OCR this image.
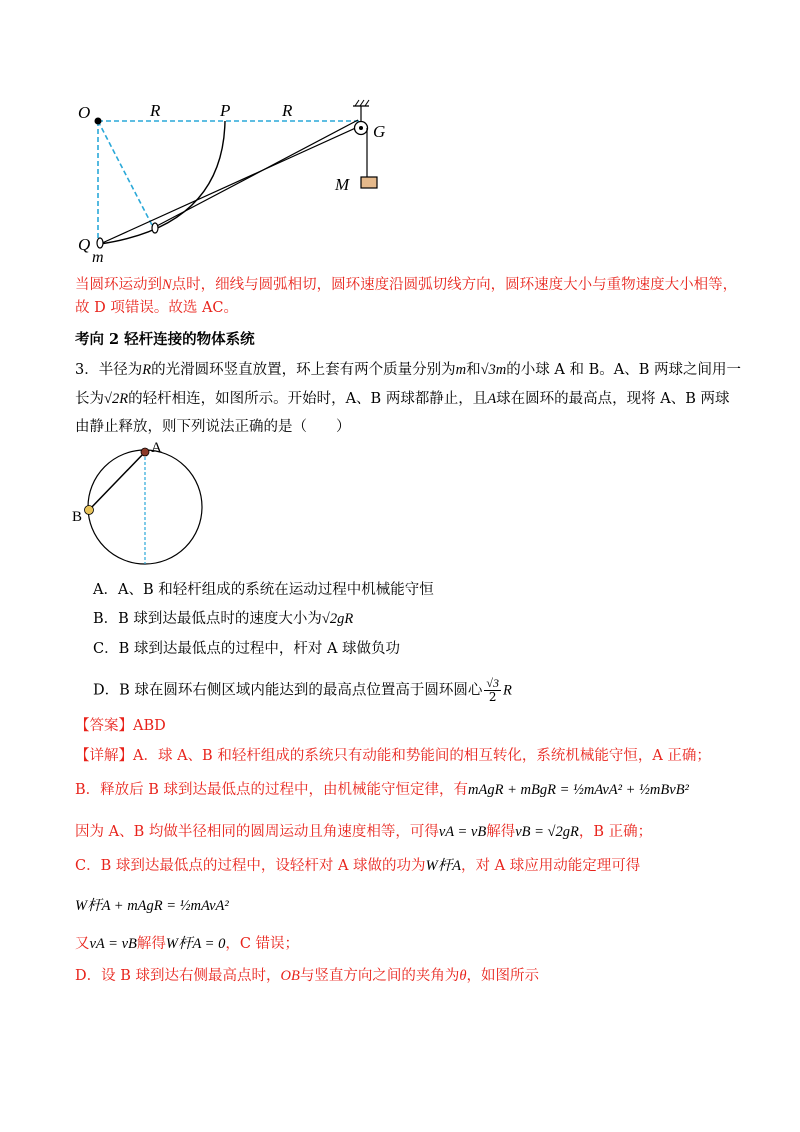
O	R	P	R
G
M
Q
m
当圆环运动到N点时，细线与圆弧相切，圆环速度沿圆弧切线方向，圆环速度大小与重物速度大小相等，
故 D 项错误。故选 AC。
考向 2 轻杆连接的物体系统
3．半径为R的光滑圆环竖直放置，环上套有两个质量分别为m和√3m的小球 A 和 B。A、B 两球之间用一
长为√2R的轻杆相连，如图所示。开始时，A、B 两球都静止，且A球在圆环的最高点，现将 A、B 两球
由静止释放，则下列说法正确的是（　　）
A
B
A．A、B 和轻杆组成的系统在运动过程中机械能守恒
B．B 球到达最低点时的速度大小为√2gR
C．B 球到达最低点的过程中，杆对 A 球做负功
D．B 球在圆环右侧区域内能达到的最高点位置高于圆环圆心 $\frac{√3}{2}$ R
【答案】ABD
【详解】A．球 A、B 和轻杆组成的系统只有动能和势能间的相互转化，系统机械能守恒，A 正确；
B．释放后 B 球到达最低点的过程中，由机械能守恒定律，有mAgR + mBgR = ½mAvA² + ½mBvB²
因为 A、B 均做半径相同的圆周运动且角速度相等，可得vA = vB解得vB = √2gR，B 正确；
C．B 球到达最低点的过程中，设轻杆对 A 球做的功为W杆A，对 A 球应用动能定理可得
W杆A + mAgR = ½mAvA²
又vA = vB解得W杆A = 0，C 错误；
D．设 B 球到达右侧最高点时，OB与竖直方向之间的夹角为θ，如图所示
